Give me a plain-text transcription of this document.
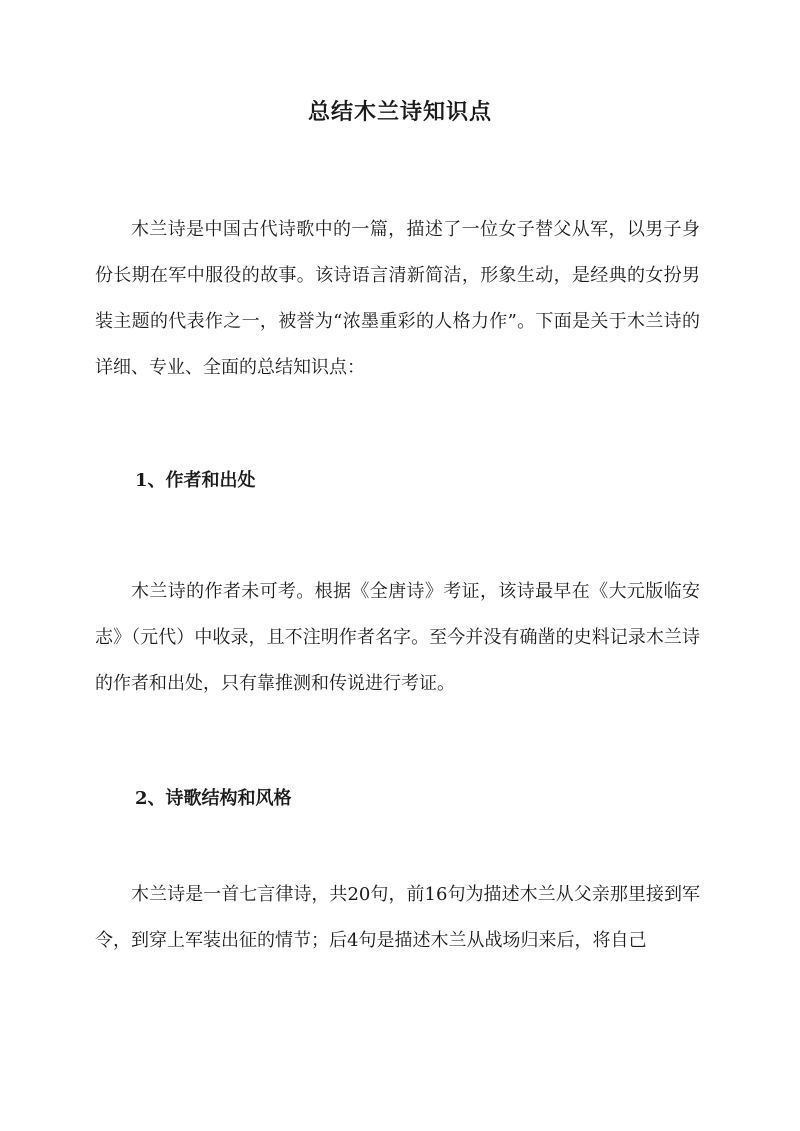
总结木兰诗知识点

木兰诗是中国古代诗歌中的一篇，描述了一位女子替父从军，以男子身份长期在军中服役的故事。该诗语言清新简洁，形象生动，是经典的女扮男装主题的代表作之一，被誉为“浓墨重彩的人格力作”。下面是关于木兰诗的详细、专业、全面的总结知识点：

1、作者和出处

木兰诗的作者未可考。根据《全唐诗》考证，该诗最早在《大元版临安志》（元代）中收录，且不注明作者名字。至今并没有确凿的史料记录木兰诗的作者和出处，只有靠推测和传说进行考证。

2、诗歌结构和风格

木兰诗是一首七言律诗，共20句，前16句为描述木兰从父亲那里接到军令，到穿上军装出征的情节；后4句是描述木兰从战场归来后，将自己
